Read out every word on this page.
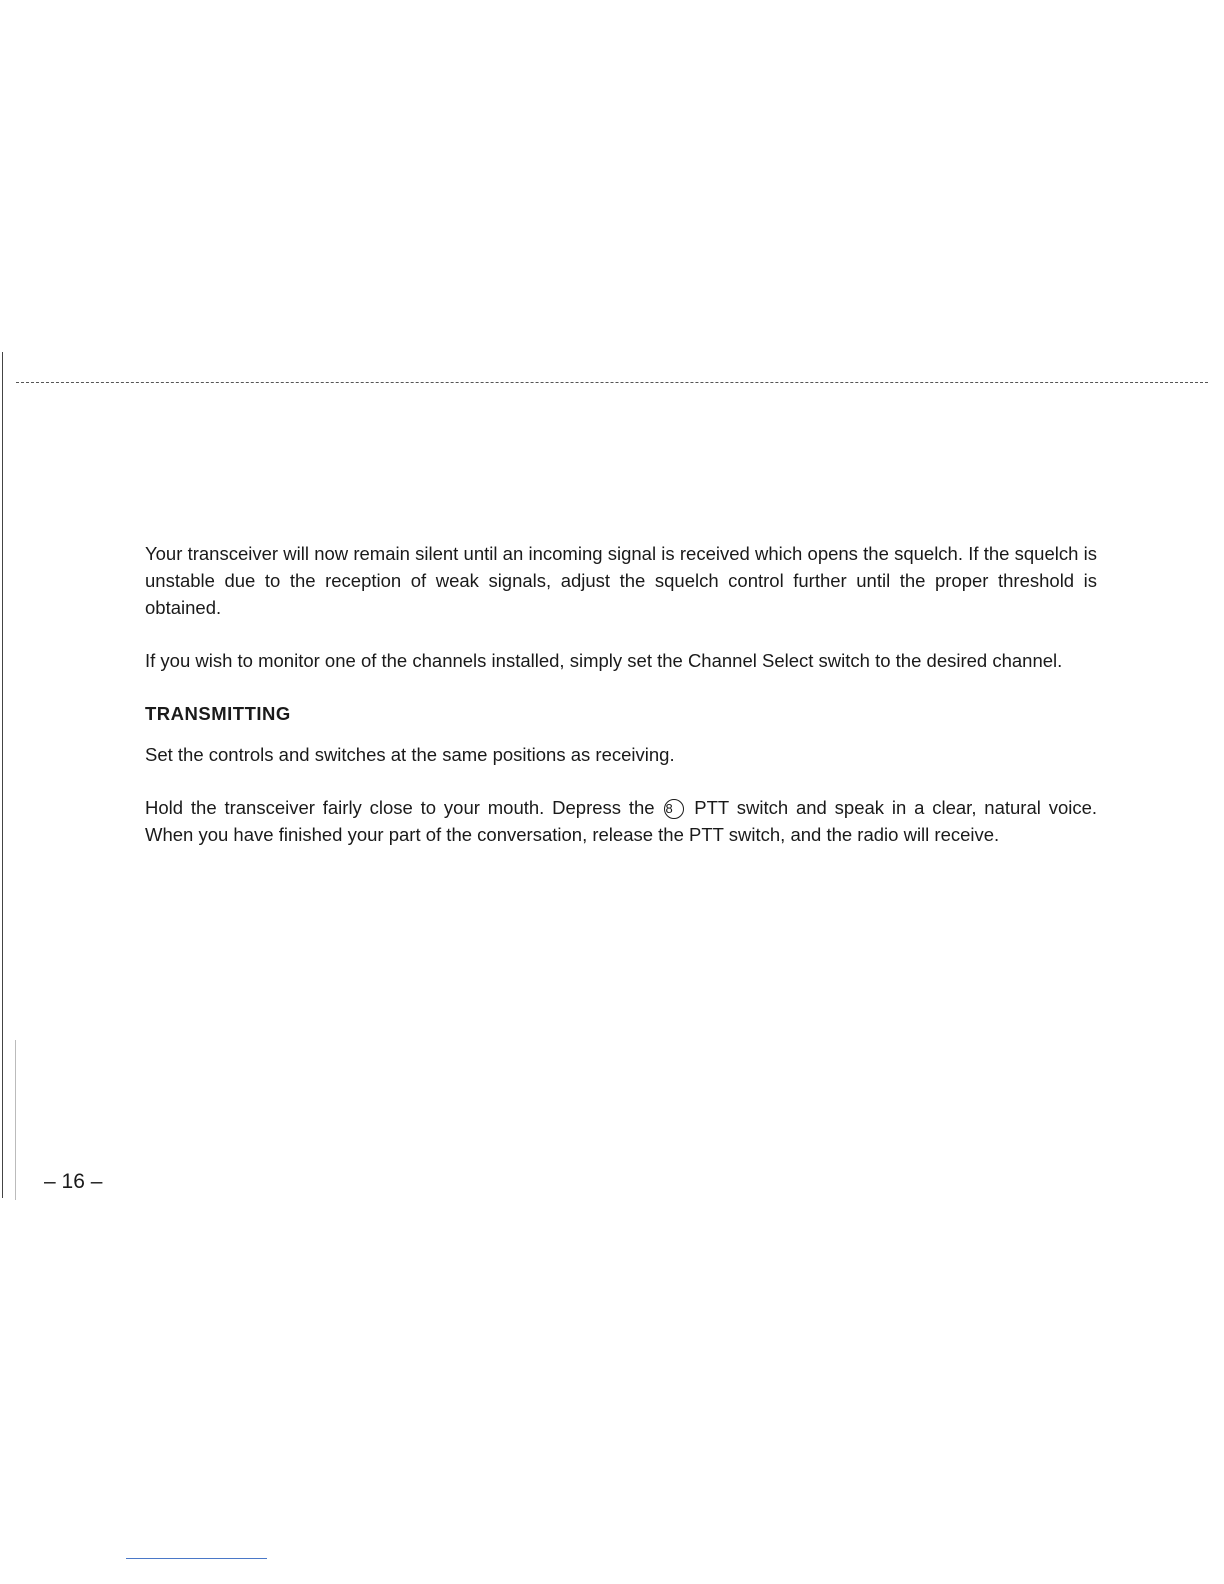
Your transceiver will now remain silent until an incoming signal is received which opens the squelch. If the squelch is unstable due to the reception of weak signals, adjust the squelch control further until the proper threshold is obtained.

If you wish to monitor one of the channels installed, simply set the Channel Select switch to the desired channel.

TRANSMITTING

Set the controls and switches at the same positions as receiving.

Hold the transceiver fairly close to your mouth. Depress the 8 PTT switch and speak in a clear, natural voice. When you have finished your part of the conversation, release the PTT switch, and the radio will receive.

– 16 –
